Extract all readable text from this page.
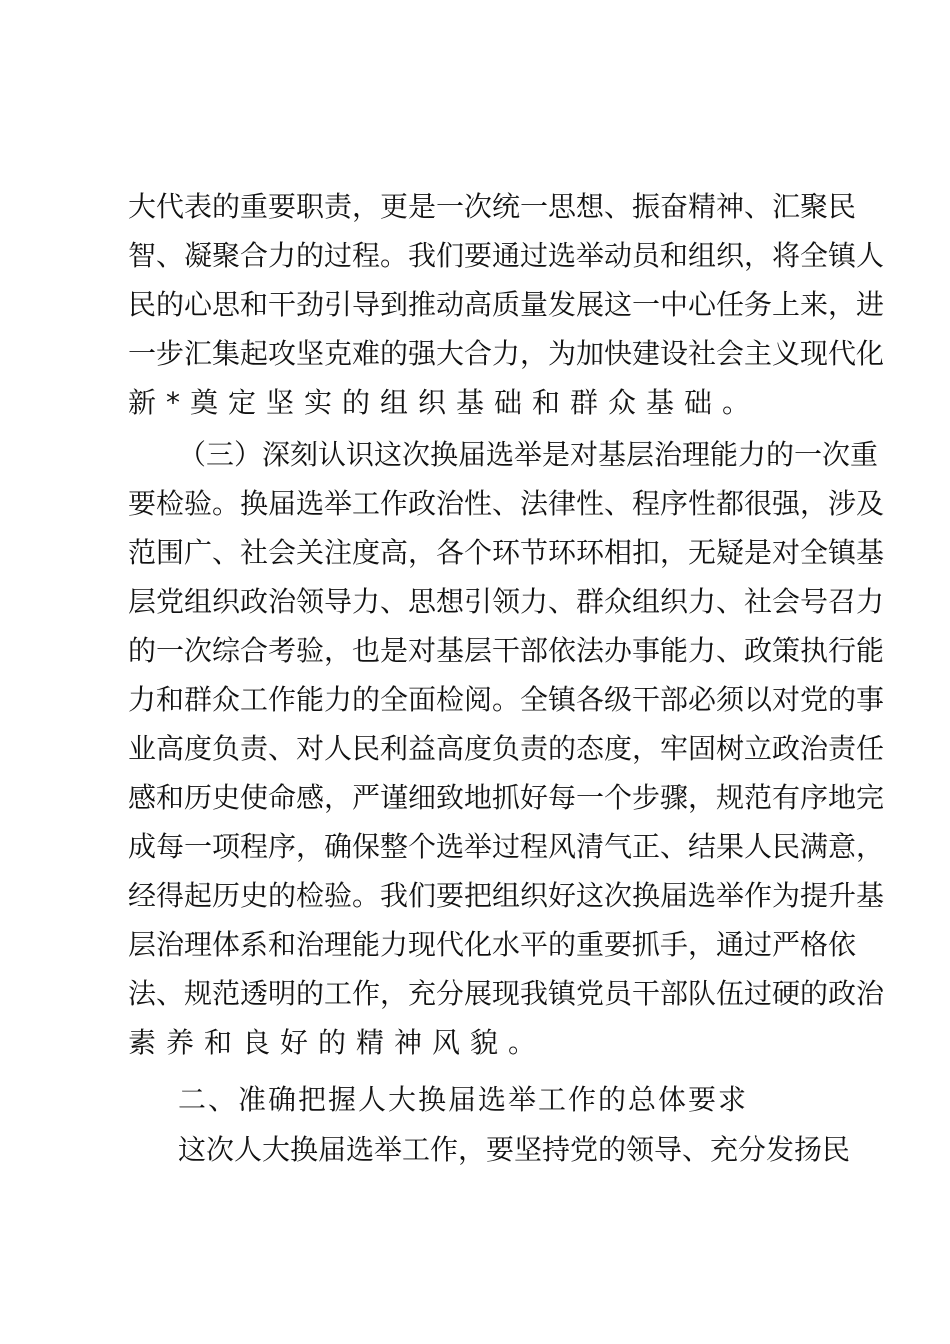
大代表的重要职责，更是一次统一思想、振奋精神、汇聚民
智、凝聚合力的过程。我们要通过选举动员和组织，将全镇人
民的心思和干劲引导到推动高质量发展这一中心任务上来，进
一步汇集起攻坚克难的强大合力，为加快建设社会主义现代化
新*奠定坚实的组织基础和群众基础。
（三）深刻认识这次换届选举是对基层治理能力的一次重
要检验。换届选举工作政治性、法律性、程序性都很强，涉及
范围广、社会关注度高，各个环节环环相扣，无疑是对全镇基
层党组织政治领导力、思想引领力、群众组织力、社会号召力
的一次综合考验，也是对基层干部依法办事能力、政策执行能
力和群众工作能力的全面检阅。全镇各级干部必须以对党的事
业高度负责、对人民利益高度负责的态度，牢固树立政治责任
感和历史使命感，严谨细致地抓好每一个步骤，规范有序地完
成每一项程序，确保整个选举过程风清气正、结果人民满意，
经得起历史的检验。我们要把组织好这次换届选举作为提升基
层治理体系和治理能力现代化水平的重要抓手，通过严格依
法、规范透明的工作，充分展现我镇党员干部队伍过硬的政治
素养和良好的精神风貌。
二、准确把握人大换届选举工作的总体要求
这次人大换届选举工作，要坚持党的领导、充分发扬民
